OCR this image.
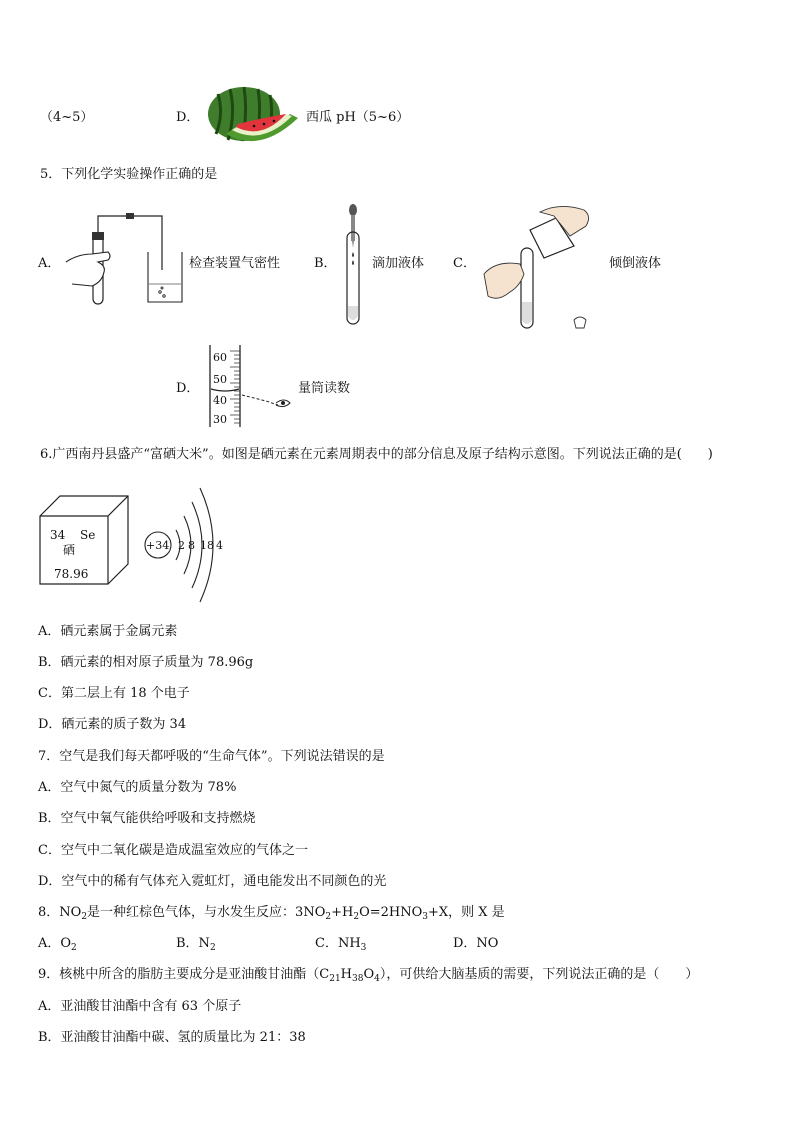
（4~5）	D．	西瓜 pH（5~6）
5．下列化学实验操作正确的是
A．	检查装置气密性	B．	滴加液体 C．	倾倒液体
D．
60
50
40
30
量筒读数
6.广西南丹县盛产“富硒大米”。如图是硒元素在元素周期表中的部分信息及原子结构示意图。下列说法正确的是(　　)
34 Se
硒
78.96
+34 2 8 18 4
A．硒元素属于金属元素
B．硒元素的相对原子质量为 78.96g
C．第二层上有 18 个电子
D．硒元素的质子数为 34
7．空气是我们每天都呼吸的“生命气体”。下列说法错误的是
A．空气中氮气的质量分数为 78%
B．空气中氧气能供给呼吸和支持燃烧
C．空气中二氧化碳是造成温室效应的气体之一
D．空气中的稀有气体充入霓虹灯，通电能发出不同颜色的光
8．$NO_2$是一种红棕色气体，与水发生反应：$3NO_2+H_2O=2HNO_3+X$，则 X 是
A．$O_2$	B．$N_2$	C．$NH_3$	D．NO
9．核桃中所含的脂肪主要成分是亚油酸甘油酯$(C_{21}H_{38}O_4)$，可供给大脑基质的需要，下列说法正确的是（　　）
A．亚油酸甘油酯中含有 63 个原子
B．亚油酸甘油酯中碳、氢的质量比为 21：38
